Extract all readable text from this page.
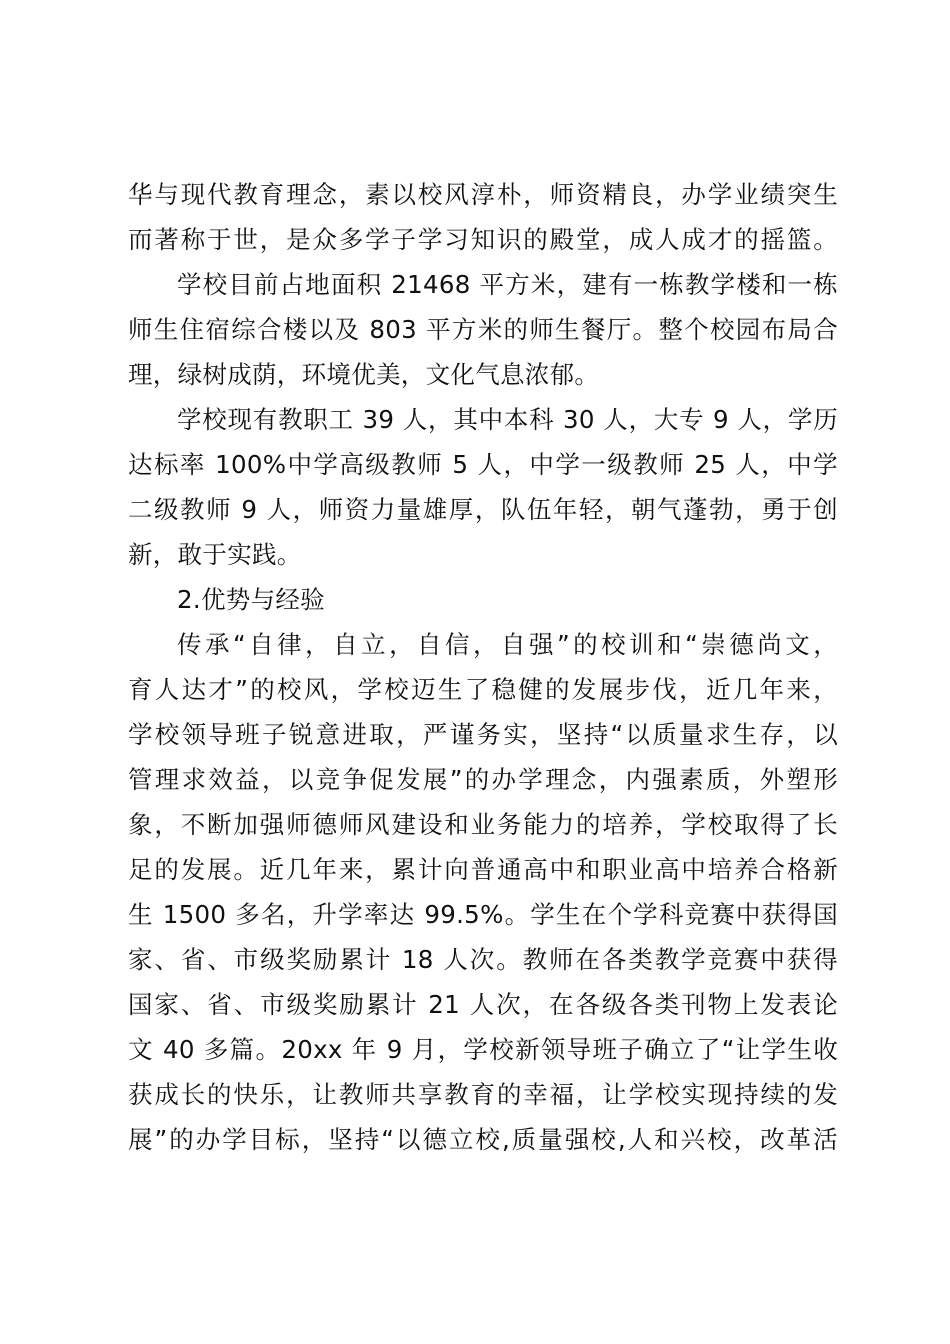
华与现代教育理念，素以校风淳朴，师资精良，办学业绩突生
而著称于世，是众多学子学习知识的殿堂，成人成才的摇篮。
学校目前占地面积 21468 平方米，建有一栋教学楼和一栋
师生住宿综合楼以及 803 平方米的师生餐厅。整个校园布局合
理，绿树成荫，环境优美，文化气息浓郁。
学校现有教职工 39 人，其中本科 30 人，大专 9 人，学历
达标率 100%中学高级教师 5 人，中学一级教师 25 人，中学
二级教师 9 人，师资力量雄厚，队伍年轻，朝气蓬勃，勇于创
新，敢于实践。
2.优势与经验
传承“自律，自立，自信，自强”的校训和“崇德尚文，
育人达才”的校风，学校迈生了稳健的发展步伐，近几年来，
学校领导班子锐意进取，严谨务实，坚持“以质量求生存，以
管理求效益，以竞争促发展”的办学理念，内强素质，外塑形
象，不断加强师德师风建设和业务能力的培养，学校取得了长
足的发展。近几年来，累计向普通高中和职业高中培养合格新
生 1500 多名，升学率达 99.5%。学生在个学科竞赛中获得国
家、省、市级奖励累计 18 人次。教师在各类教学竞赛中获得
国家、省、市级奖励累计 21 人次，在各级各类刊物上发表论
文 40 多篇。20xx 年 9 月，学校新领导班子确立了“让学生收
获成长的快乐，让教师共享教育的幸福，让学校实现持续的发
展”的办学目标，坚持“以德立校,质量强校,人和兴校，改革活
